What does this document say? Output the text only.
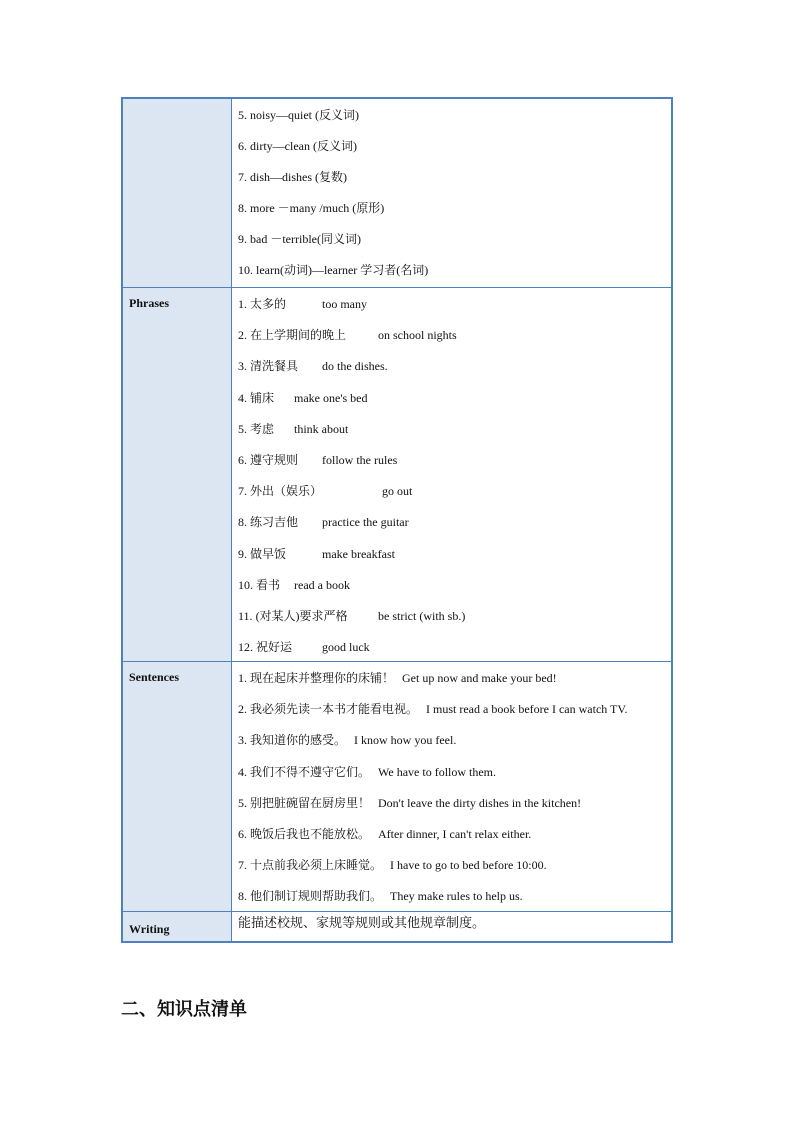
5. noisy—quiet (反义词)
6. dirty—clean (反义词)
7. dish—dishes (复数)
8. more －many /much (原形)
9. bad －terrible(同义词)
10. learn(动词)—learner 学习者(名词)
Phrases	1. 太多的	too many
2. 在上学期间的晚上	on school nights
3. 清洗餐具 do the dishes.
4. 铺床 make one's bed
5. 考虑 think about
6. 遵守规则 follow the rules
7. 外出（娱乐）	go out
8. 练习吉他 practice the guitar
9. 做早饭	make breakfast
10. 看书 read a book
11. (对某人)要求严格	be strict (with sb.)
12. 祝好运 good luck
Sentences	1. 现在起床并整理你的床铺！ Get up now and make your bed!
2. 我必须先读一本书才能看电视。 I must read a book before I can watch TV.
3. 我知道你的感受。 I know how you feel.
4. 我们不得不遵守它们。 We have to follow them.
5. 别把脏碗留在厨房里！ Don't leave the dirty dishes in the kitchen!
6. 晚饭后我也不能放松。 After dinner, I can't relax either.
7. 十点前我必须上床睡觉。 I have to go to bed before 10:00.
8. 他们制订规则帮助我们。 They make rules to help us.
Writing	能描述校规、家规等规则或其他规章制度。
二、知识点清单
